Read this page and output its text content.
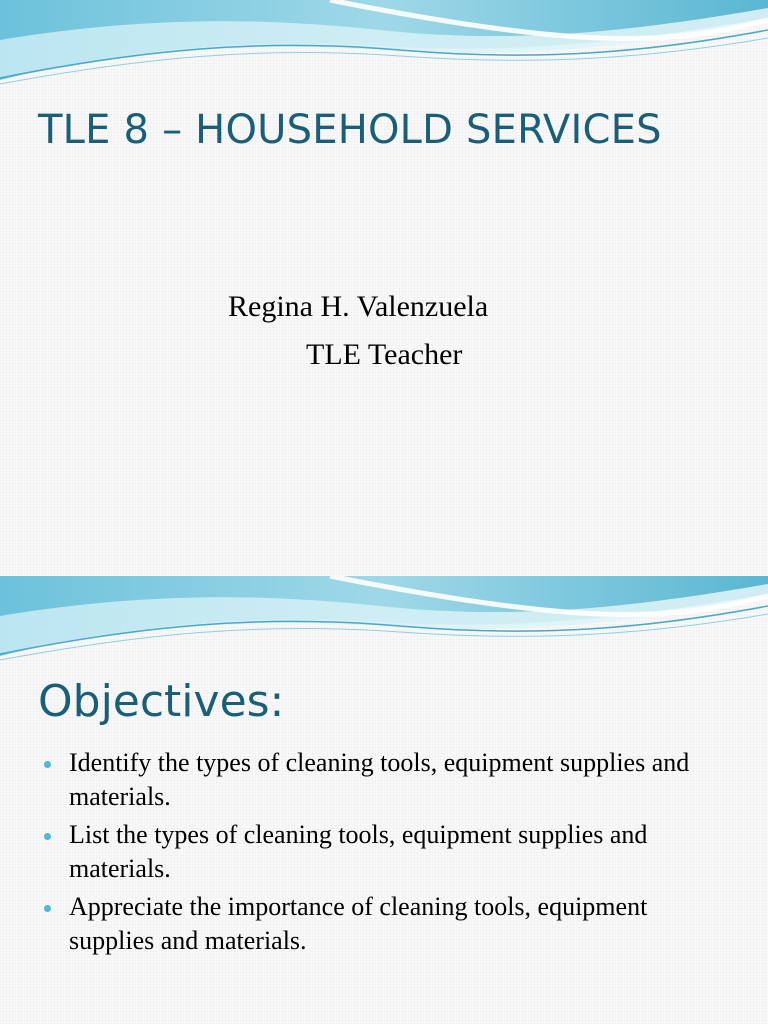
TLE 8 – HOUSEHOLD SERVICES

Regina H. Valenzuela

TLE Teacher

Objectives:
Identify the types of cleaning tools, equipment supplies and materials.
List the types of cleaning tools, equipment supplies and materials.
Appreciate the importance of cleaning tools, equipment supplies and materials.
